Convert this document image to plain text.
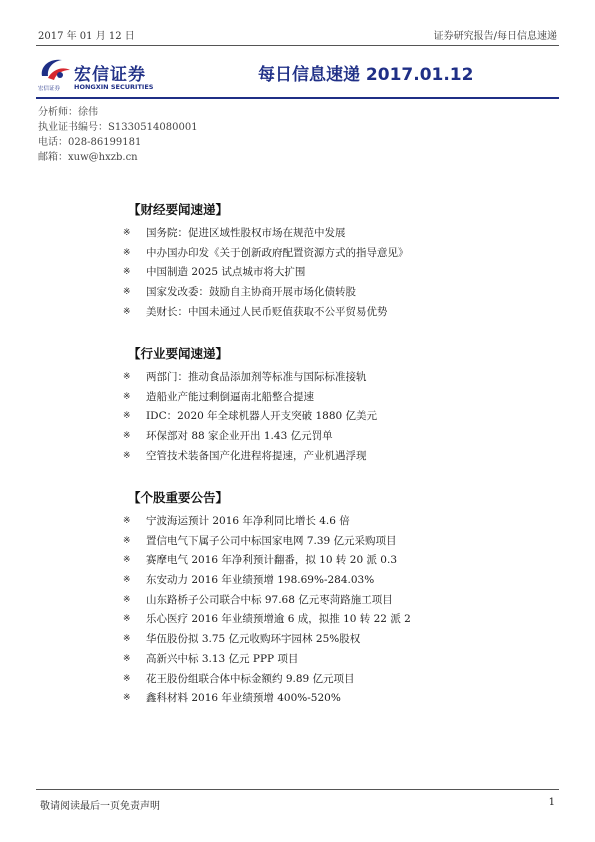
2017 年 01 月 12 日	证券研究报告/每日信息速递
宏信证券
宏信证券 HONGXIN SECURITIES
每日信息速递 2017.01.12
分析师：徐伟
执业证书编号：S1330514080001
电话：028-86199181
邮箱：xuw@hxzb.cn
【财经要闻速递】
※ 国务院：促进区域性股权市场在规范中发展
※ 中办国办印发《关于创新政府配置资源方式的指导意见》
※ 中国制造 2025 试点城市将大扩围
※ 国家发改委：鼓励自主协商开展市场化债转股
※ 美财长：中国未通过人民币贬值获取不公平贸易优势
【行业要闻速递】
※ 两部门：推动食品添加剂等标准与国际标准接轨
※ 造船业产能过剩倒逼南北船整合提速
※ IDC：2020 年全球机器人开支突破 1880 亿美元
※ 环保部对 88 家企业开出 1.43 亿元罚单
※ 空管技术装备国产化进程将提速，产业机遇浮现
【个股重要公告】
※ 宁波海运预计 2016 年净利同比增长 4.6 倍
※ 置信电气下属子公司中标国家电网 7.39 亿元采购项目
※ 赛摩电气 2016 年净利预计翻番，拟 10 转 20 派 0.3
※ 东安动力 2016 年业绩预增 198.69%-284.03%
※ 山东路桥子公司联合中标 97.68 亿元枣菏路施工项目
※ 乐心医疗 2016 年业绩预增逾 6 成，拟推 10 转 22 派 2
※ 华伍股份拟 3.75 亿元收购环宇园林 25%股权
※ 高新兴中标 3.13 亿元 PPP 项目
※ 花王股份组联合体中标金额约 9.89 亿元项目
※ 鑫科材料 2016 年业绩预增 400%-520%
敬请阅读最后一页免责声明	1
